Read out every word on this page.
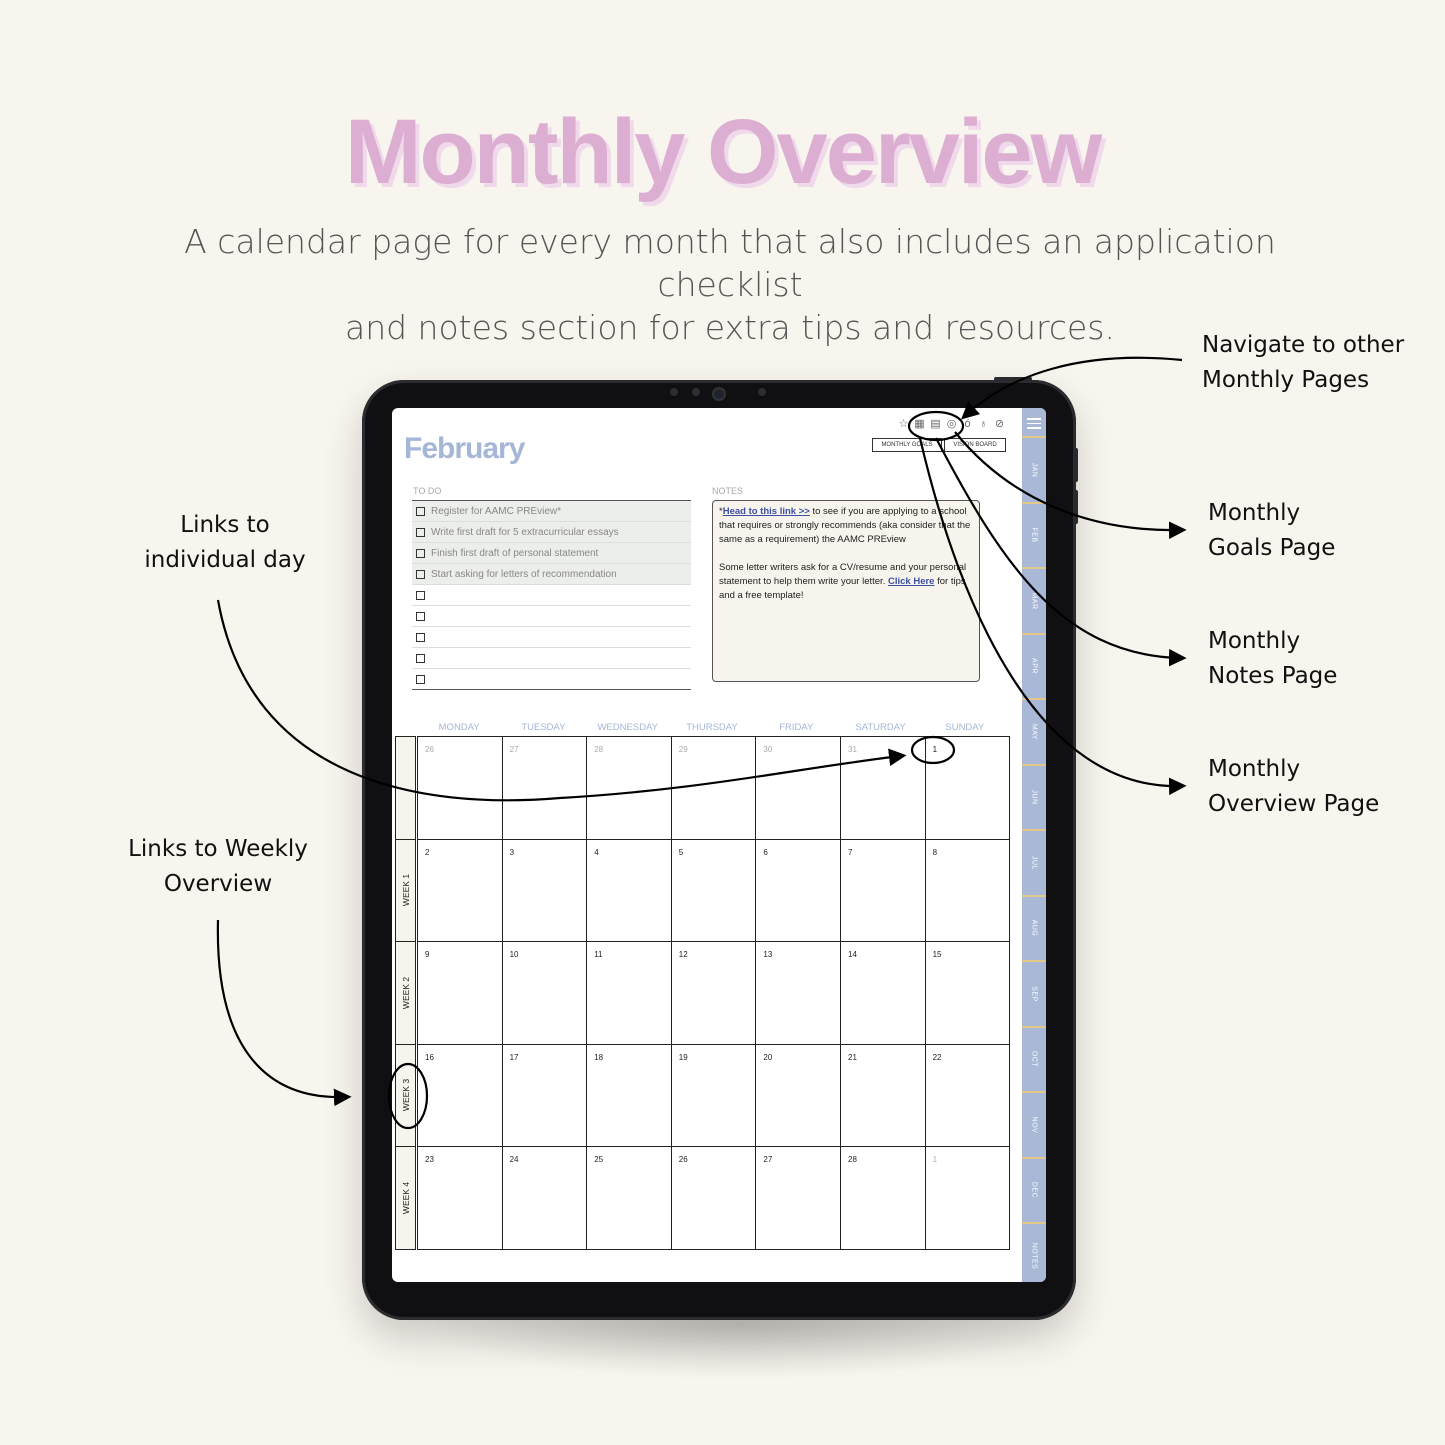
Monthly Overview
A calendar page for every month that also includes an application checklist
and notes section for extra tips and resources.
February
☆ ▦ ▤ ◎ ó ♁ ⊘
MONTHLY GOALS	VISION BOARD
TO DO	NOTES
Register for AAMC PREview*
Write first draft for 5 extracurricular essays
Finish first draft of personal statement
Start asking for letters of recommendation
*Head to this link >> to see if you are applying to a school that requires or strongly recommends (aka consider that the same as a requirement) the AAMC PREview
Some letter writers ask for a CV/resume and your personal statement to help them write your letter. Click Here for tips and a free template!
MONDAY	TUESDAY	WEDNESDAY	THURSDAY	FRIDAY	SATURDAY	SUNDAY
26	27	28	29	30	31	1
WEEK 1
2	3	4	5	6	7	8
WEEK 2
9	10	11	12	13	14	15
WEEK 3
16	17	18	19	20	21	22
WEEK 4
23	24	25	26	27	28	1
JAN
FEB
MAR
APR
MAY
JUN
JUL
AUG
SEP
OCT
NOV
DEC
NOTES
Navigate to other
Monthly Pages
Monthly
Goals Page
Monthly
Notes Page
Monthly
Overview Page
Links to
individual day
Links to Weekly
Overview
